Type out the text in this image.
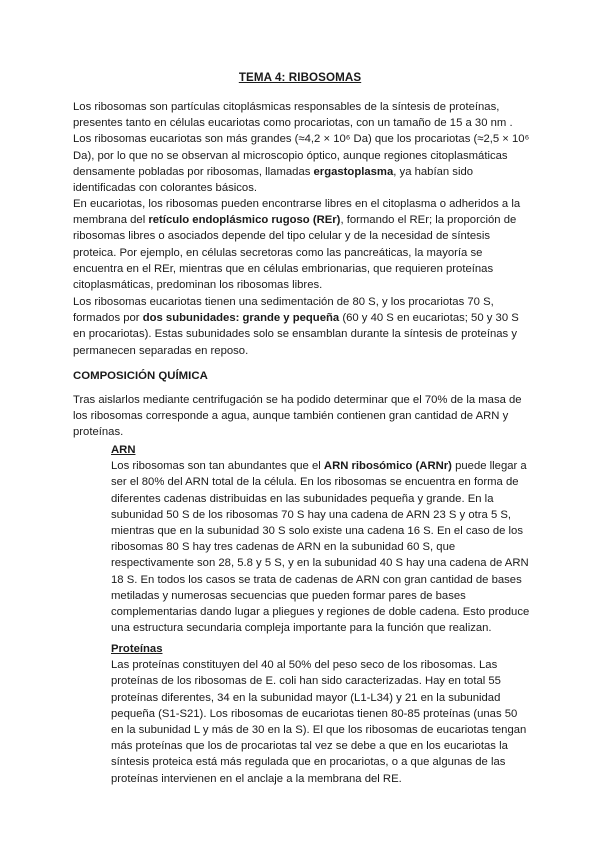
TEMA 4: RIBOSOMAS

Los ribosomas son partículas citoplásmicas responsables de la síntesis de proteínas, presentes tanto en células eucariotas como procariotas, con un tamaño de 15 a 30 nm . Los ribosomas eucariotas son más grandes (≈4,2 × 10⁶ Da) que los procariotas (≈2,5 × 10⁶ Da), por lo que no se observan al microscopio óptico, aunque regiones citoplasmáticas densamente pobladas por ribosomas, llamadas ergastoplasma, ya habían sido identificadas con colorantes básicos.

En eucariotas, los ribosomas pueden encontrarse libres en el citoplasma o adheridos a la membrana del retículo endoplásmico rugoso (REr), formando el REr; la proporción de ribosomas libres o asociados depende del tipo celular y de la necesidad de síntesis proteica. Por ejemplo, en células secretoras como las pancreáticas, la mayoría se encuentra en el REr, mientras que en células embrionarias, que requieren proteínas citoplasmáticas, predominan los ribosomas libres.

Los ribosomas eucariotas tienen una sedimentación de 80 S, y los procariotas 70 S, formados por dos subunidades: grande y pequeña (60 y 40 S en eucariotas; 50 y 30 S en procariotas). Estas subunidades solo se ensamblan durante la síntesis de proteínas y permanecen separadas en reposo.

COMPOSICIÓN QUÍMICA

Tras aislarlos mediante centrifugación se ha podido determinar que el 70% de la masa de los ribosomas corresponde a agua, aunque también contienen gran cantidad de ARN y proteínas.

ARN
Los ribosomas son tan abundantes que el ARN ribosómico (ARNr) puede llegar a ser el 80% del ARN total de la célula. En los ribosomas se encuentra en forma de diferentes cadenas distribuidas en las subunidades pequeña y grande. En la subunidad 50 S de los ribosomas 70 S hay una cadena de ARN 23 S y otra 5 S, mientras que en la subunidad 30 S solo existe una cadena 16 S. En el caso de los ribosomas 80 S hay tres cadenas de ARN en la subunidad 60 S, que respectivamente son 28, 5.8 y 5 S, y en la subunidad 40 S hay una cadena de ARN 18 S. En todos los casos se trata de cadenas de ARN con gran cantidad de bases metiladas y numerosas secuencias que pueden formar pares de bases complementarias dando lugar a pliegues y regiones de doble cadena. Esto produce una estructura secundaria compleja importante para la función que realizan.
Proteínas
Las proteínas constituyen del 40 al 50% del peso seco de los ribosomas. Las proteínas de los ribosomas de E. coli han sido caracterizadas. Hay en total 55 proteínas diferentes, 34 en la subunidad mayor (L1-L34) y 21 en la subunidad pequeña (S1-S21). Los ribosomas de eucariotas tienen 80-85 proteínas (unas 50 en la subunidad L y más de 30 en la S). El que los ribosomas de eucariotas tengan más proteínas que los de procariotas tal vez se debe a que en los eucariotas la síntesis proteica está más regulada que en procariotas, o a que algunas de las proteínas intervienen en el anclaje a la membrana del RE.
